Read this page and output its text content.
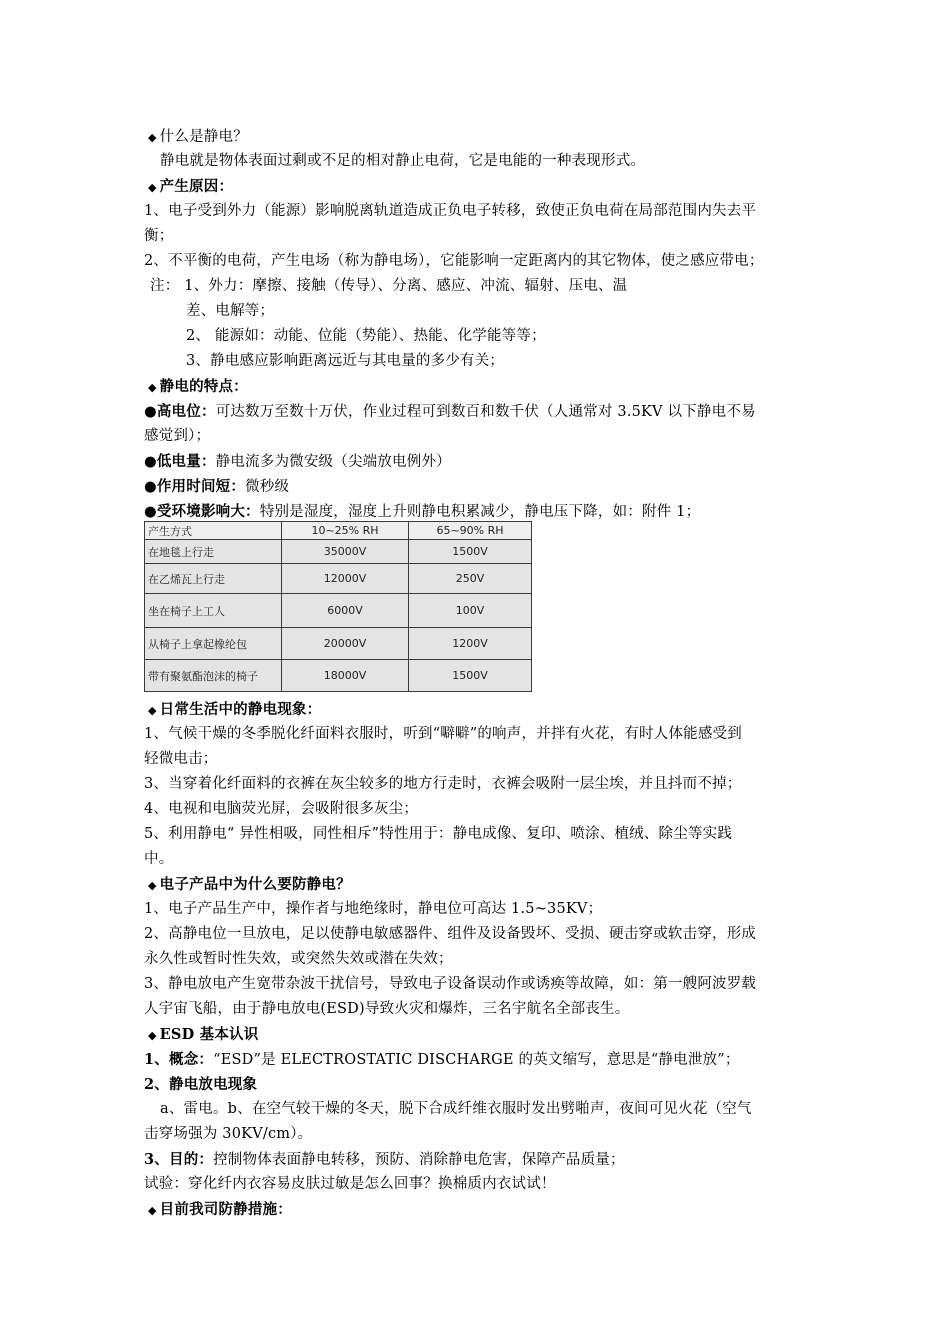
◆ 什么是静电？
静电就是物体表面过剩或不足的相对静止电荷，它是电能的一种表现形式。
◆ 产生原因：
1、电子受到外力（能源）影响脱离轨道造成正负电子转移，致使正负电荷在局部范围内失去平
衡；
2、不平衡的电荷，产生电场（称为静电场），它能影响一定距离内的其它物体，使之感应带电；
注： 1、外力：摩擦、接触（传导）、分离、感应、冲流、辐射、压电、温
差、电解等；
2、 能源如：动能、位能（势能）、热能、化学能等等；
3、静电感应影响距离远近与其电量的多少有关；
◆ 静电的特点：
●高电位：可达数万至数十万伏，作业过程可到数百和数千伏（人通常对 3.5KV 以下静电不易
感觉到）；
●低电量：静电流多为微安级（尖端放电例外）
●作用时间短：微秒级
●受环境影响大：特别是湿度，湿度上升则静电积累减少，静电压下降，如：附件 1；
产生方式	10~25% RH	65~90% RH
在地毯上行走	35000V	1500V
在乙烯瓦上行走	12000V	250V
坐在椅子上工人	6000V	100V
从椅子上拿起橡纶包	20000V	1200V
带有聚氨酯泡沫的椅子	18000V	1500V
◆ 日常生活中的静电现象：
1、气候干燥的冬季脱化纤面料衣服时，听到“噼噼”的响声，并拌有火花，有时人体能感受到
轻微电击；
3、当穿着化纤面料的衣裤在灰尘较多的地方行走时，衣裤会吸附一层尘埃，并且抖而不掉；
4、电视和电脑荧光屏，会吸附很多灰尘；
5、利用静电“ 异性相吸，同性相斥”特性用于：静电成像、复印、喷涂、植绒、除尘等实践
中。
◆ 电子产品中为什么要防静电？
1、电子产品生产中，操作者与地绝缘时，静电位可高达 1.5~35KV；
2、高静电位一旦放电，足以使静电敏感器件、组件及设备毁坏、受损、硬击穿或软击穿，形成
永久性或暂时性失效，或突然失效或潜在失效；
3、静电放电产生宽带杂波干扰信号，导致电子设备误动作或诱痪等故障，如：第一艘阿波罗载
人宇宙飞船，由于静电放电(ESD)导致火灾和爆炸，三名宇航名全部丧生。
◆ ESD 基本认识
1、概念：“ESD”是 ELECTROSTATIC DISCHARGE 的英文缩写，意思是“静电泄放”；
2、静电放电现象
a、雷电。b、在空气较干燥的冬天，脱下合成纤维衣服时发出劈啪声，夜间可见火花（空气
击穿场强为 30KV/cm）。
3、目的：控制物体表面静电转移，预防、消除静电危害，保障产品质量；
试验：穿化纤内衣容易皮肤过敏是怎么回事？换棉质内衣试试！
◆ 目前我司防静措施：
